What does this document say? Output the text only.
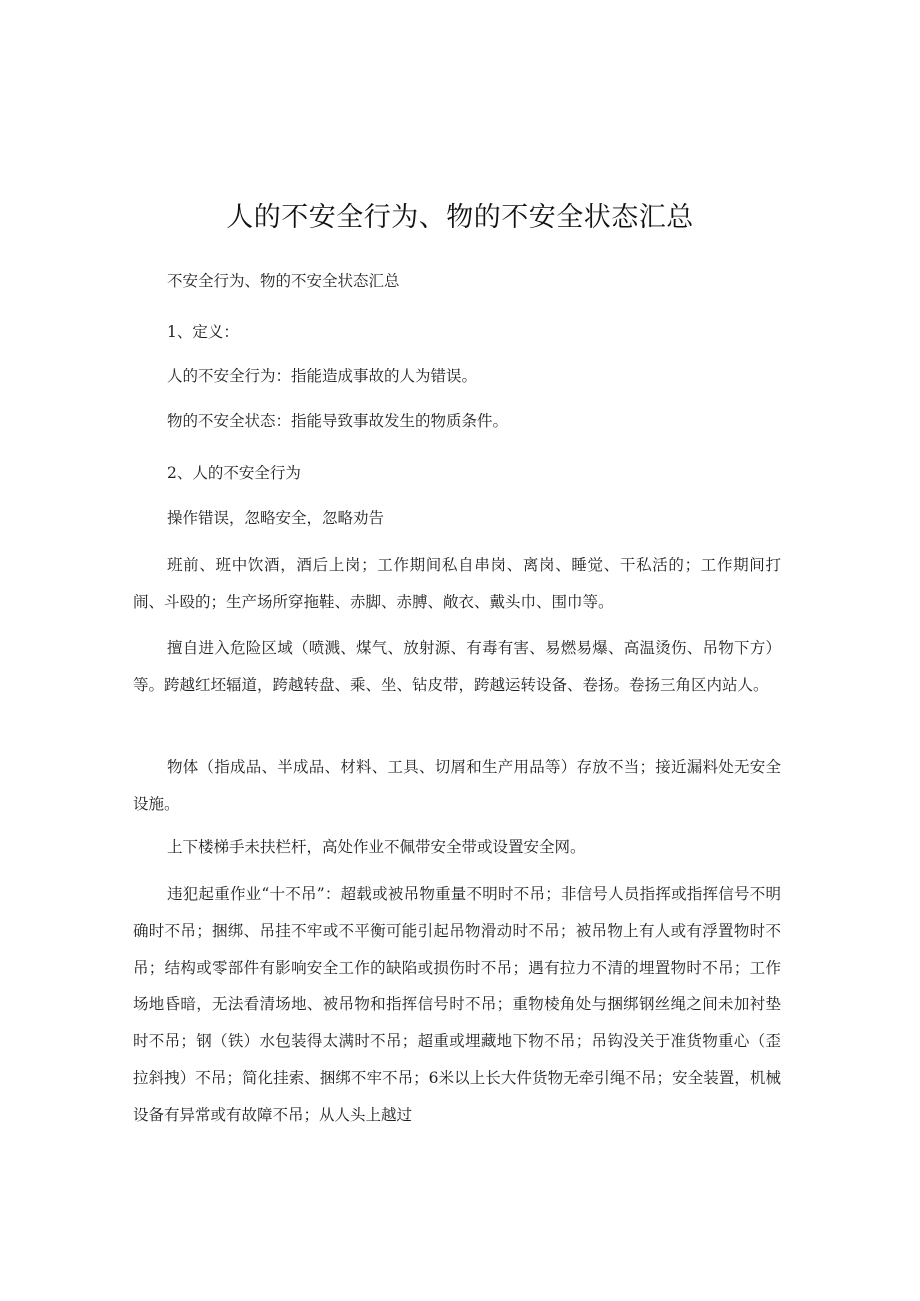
人的不安全行为、物的不安全状态汇总

不安全行为、物的不安全状态汇总

1、定义：

人的不安全行为：指能造成事故的人为错误。

物的不安全状态：指能导致事故发生的物质条件。

2、人的不安全行为

操作错误，忽略安全，忽略劝告

班前、班中饮酒，酒后上岗；工作期间私自串岗、离岗、睡觉、干私活的；工作期间打闹、斗殴的；生产场所穿拖鞋、赤脚、赤膊、敞衣、戴头巾、围巾等。

擅自进入危险区域（喷溅、煤气、放射源、有毒有害、易燃易爆、高温烫伤、吊物下方）等。跨越红坯辐道，跨越转盘、乘、坐、钻皮带，跨越运转设备、卷扬。卷扬三角区内站人。

物体（指成品、半成品、材料、工具、切屑和生产用品等）存放不当；接近漏料处无安全设施。

上下楼梯手未扶栏杆，高处作业不佩带安全带或设置安全网。

违犯起重作业“十不吊”：超载或被吊物重量不明时不吊；非信号人员指挥或指挥信号不明确时不吊；捆绑、吊挂不牢或不平衡可能引起吊物滑动时不吊；被吊物上有人或有浮置物时不吊；结构或零部件有影响安全工作的缺陷或损伤时不吊；遇有拉力不清的埋置物时不吊；工作场地昏暗，无法看清场地、被吊物和指挥信号时不吊；重物棱角处与捆绑钢丝绳之间未加衬垫时不吊；钢（铁）水包装得太满时不吊；超重或埋藏地下物不吊；吊钩没关于准货物重心（歪拉斜拽）不吊；简化挂索、捆绑不牢不吊；6米以上长大件货物无牵引绳不吊；安全装置，机械设备有异常或有故障不吊；从人头上越过
